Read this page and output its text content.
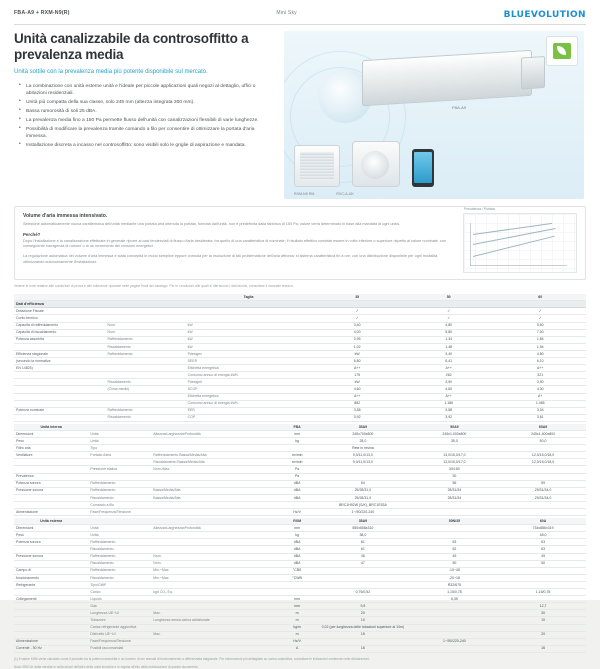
FBA-A9 + RXM-N9(R)	Mini Sky	BLUEVOLUTION
Unità canalizzabile da controsoffitto a prevalenza media
Unità sottile con la prevalenza media più potente disponibile sul mercato.
• La combinazione con unità esterne unità e l'ideale per piccole applicazioni quali negozi al dettaglio, uffici o abitazioni residenziali.
• Unità più compatta della sua classe, solo 245 mm (altezza integrata 300 mm).
• Bassa rumorosità di soli 25 dBA.
• La prevalenza media fino a 150 Pa permette flusso dell'unità con canalizzazioni flessibili di varie lunghezze.
• Possibilità di modificare la prevalenza tramite comando a filo per consentire di ottimizzare la portata d'aria immessa.
• Installazione discreta a incasso nel controsoffitto: sono visibili solo le griglie di aspirazione e mandata.
FBA-A9
RXM-N9 RM	RXC-A-UK
Volume d'aria immessa intensivato.

Selezione automaticamente nuova caratteristica dell'unità mediante una portata aria ottenuta la portata, formata dall'unità, non è predefinita dalla fabbrica di 150 Pa; valore verrà determinato in base alla mandata di ogni unità.

Perché?

Dopo l'installazione e la canalizzazione effettuate in generale riporre ai casi tendenziali di flusso d'aria desiderata, tra quello di una caratteristica di nominale; il risultato effettivo consiste essere in volte inferiore o superiore rispetto al valore nominale, con conseguente insorgenza di rumore o di un incremento dei consumi energetici.

La regolazione automatica del volume d'aria immessa è stata concepita in modo semplice eppure comoda per la risoluzione di tali problematiche dell'aria affronta: si sistema caratteristica fin a ore, con una distribuzione disponibile per ogni modalità, ottimizzando autonomamente l'installazione.

Prevalenza / Portata
Vedere le note relative alle condizioni di prova e alle tolleranze riportate nelle pagine finali del catalogo. Per le condizioni alle quali si riferiscono i dati tecnici, consultare il manuale tecnico.
		Taglia	35	50	60
Dati d'efficienza					
Dotazione Fiscale			✓	✓	✓
Conto termico			✓	✓	✓
Capacità di raffreddamento	Nom.	kW	3,40	4,80	5,60
Capacità di riscaldamento	Nom.	kW	4,00	5,80	7,00
Potenza assorbita	Raffreddamento	kW	0,95	1,34	1,84
	Riscaldamento	kW	1,02	1,48	1,94
Efficienza stagionale	Raffreddamento	Pdesignc	kW	3,40	4,80
(secondo la normativa		SEER	6,80	6,41	6,10
EN 14825)		Etichetta energetica	A++	A++	A++
		Consumo annuo di energia kWh	175	262	321
	Riscaldamento	Pdesignh	kW	2,90	3,90
	(Clima medio)	SCOP	4,60	4,60	4,30
		Etichetta energetica	A++	A++	A+
		Consumo annuo di energia kWh	882	1.186	1.465
Potenza nominale	Raffreddamento	EER	3,58	3,58	3,04
	Riscaldamento	COP	3,92	3,92	3,61
Unità interna			FBA	35A9	50A9	60A9
Dimensioni	Unità	AltezzaxLarghezzaxProfondità	mm	245x700x800	245x1.000x800	245x1.400x800
Peso	Unità		kg	28,0	35,0	50,0
Filtro aria	Tipo			Rete in resina		
Ventilatore	Portata d'aria	Raffreddamento Bassa/Media/Alta	m³/min	9,0/11,0/13,0	13,0/15,0/17,0	12,0/15,0/18,0
		Riscaldamento Bassa/Media/Alta	m³/min	9,0/11,0/13,0	13,0/15,0/17,0	12,0/15,0/18,0
	Pressione statica	Nom./Max.	Pa		30/150	
Prevalenza			Pa		30	
Potenza sonora	Raffreddamento		dBA	54	56	59
Pressione sonora	Raffreddamento	Bassa/Media/Alta	dBA	25/28/31,0	28/31/34	25/31/34,0
	Riscaldamento	Bassa/Media/Alta	dBA	25/28/31,0	28/31/34	25/31/34,0
	Comando a filo			BRC1H52W (S/K), BRC1E53A		
Alimentazione	Fase/Frequenza/Tensione		Hz/V	1~/50/220-240		
Unità esterna			RXM	35A9	50N/35	60A
Dimensioni	Unità	AltezzaxLarghezzaxProfondità	mm	550x658x310		734x886x319
Peso	Unità		kg	38,0		48,0
Potenza sonora	Raffreddamento		dBA	61	63	63
	Riscaldamento		dBA	61	62	63
Pressione sonora	Raffreddamento	Nom.	dBA	46	49	49
	Riscaldamento	Nom.	dBA	47	50	50
Campo di	Raffreddamento	Min.~Max.	°CBS		-10~46	
funzionamento	Riscaldamento	Min.~Max.	°CWB		-20~18	
Refrigerante	Tipo/GWP				R32/675	
	Carico	kg/t CO₂ Eq.		0,76/0,52	1,15/0,78	1,15/0,78
Collegamenti	Liquido		mm		6,35	
	Gas		mm	9,5		12,7
	Lunghezza UE~UI	Max.	m	20		30
	Tubazioni	Lunghezza senza carica addizionale	m	10		10
	Carica refrigerante aggiuntiva		kg/m	0,02 (per lunghezza delle tubazioni superiore ai 10m)		
	Dislivello UE~UI	Max.	m	15		20
Alimentazione	Fase/Frequenza/Tensione		Hz/V		1~/50/220-240	
Corrente - 50 Hz	Fusibili raccomandati		A	16		16
(1) Il valore KWh viene calcolato come il prodotto tra la potenza assorbita e un numero di ore annuali di funzionamento a differenziata stagionale. Per informazioni più dettagliate su carica costruttiva, consultare le indicazioni contenute nelle dichiarazioni.
Nota: BRC1H detta vendita in unità alcuni dell'altro delle unità tecniche e in regime all'elio della realizzazione di questo documento.
